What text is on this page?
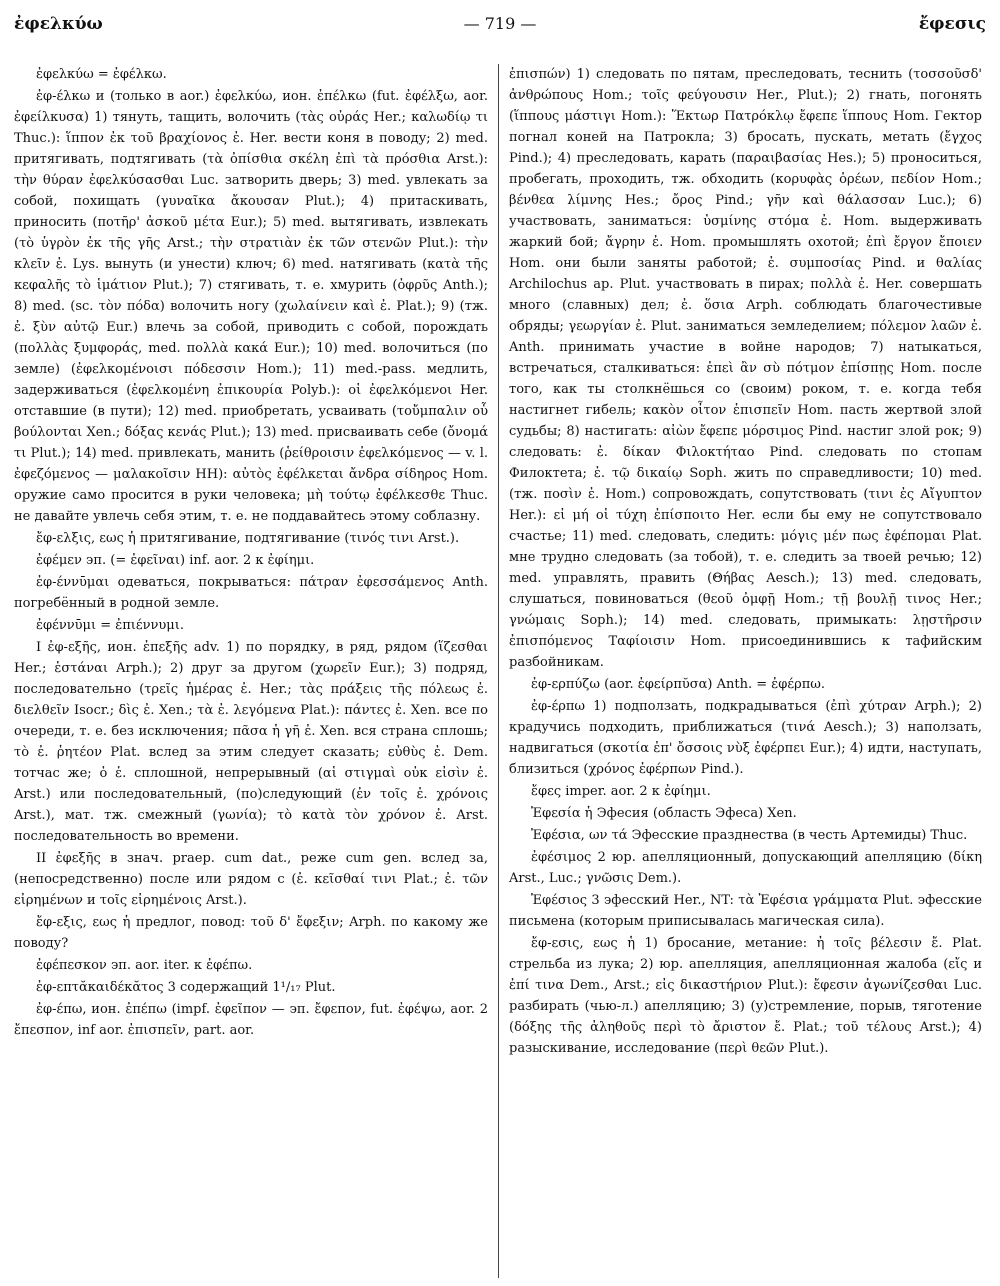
ἐφελκύω	— 719 —	ἔφεσις

ἐφελκύω = ἐφέλκω.

ἐφ-έλκω и (только в aor.) ἐφελκύω, ион. ἐπέλκω (fut. ἐφέλξω, aor. ἐφείλκυσα) 1) тянуть, тащить, волочить (τὰς οὐράς Her.; καλωδίῳ τι Thuc.): ἵππον ἐκ τοῦ βραχίονος ἐ. Her. вести коня в поводу; 2) med. притягивать, подтягивать (τὰ ὀπίσθια σκέλη ἐπὶ τὰ πρόσθια Arst.): τὴν θύραν ἐφελκύσασθαι Luc. затворить дверь; 3) med. увлекать за собой, похищать (γυναῖκα ἄκουσαν Plut.); 4) притаскивать, приносить (ποτῆρ' ἀσκοῦ μέτα Eur.); 5) med. вытягивать, извлекать (τὸ ὑγρὸν ἐκ τῆς γῆς Arst.; τὴν στρατιὰν ἐκ τῶν στενῶν Plut.): τὴν κλεῖν ἐ. Lys. вынуть (и унести) ключ; 6) med. натягивать (κατὰ τῆς κεφαλῆς τὸ ἱμάτιον Plut.); 7) стягивать, т. е. хмурить (ὀφρῦς Anth.); 8) med. (sc. τὸν πόδα) волочить ногу (χωλαίνειν καὶ ἐ. Plat.); 9) (тж. ἐ. ξὺν αὐτῷ Eur.) влечь за собой, приводить с собой, порождать (πολλὰς ξυμφοράς, med. πολλὰ κακά Eur.); 10) med. волочиться (по земле) (ἐφελκομένοισι πόδεσσιν Hom.); 11) med.-pass. медлить, задерживаться (ἐφελκομένη ἐπικουρία Polyb.): οἱ ἐφελκόμενοι Her. отставшие (в пути); 12) med. приобретать, усваивать (τοὔμπαλιν οὗ βούλονται Xen.; δόξας κενάς Plut.); 13) med. присваивать себе (ὄνομά τι Plut.); 14) med. привлекать, манить (ῥείθροισιν ἐφελκόμενος — v. l. ἐφεζόμενος — μαλακοῖσιν HH): αὐτὸς ἐφέλκεται ἄνδρα σίδηρος Hom. оружие само просится в руки человека; μὴ τούτῳ ἐφέλκεσθε Thuc. не давайте увлечь себя этим, т. е. не поддавайтесь этому соблазну.

ἔφ-ελξις, εως ἡ притягивание, подтягивание (τινός τινι Arst.).

ἐφέμεν эп. (= ἐφεῖναι) inf. aor. 2 к ἐφίημι.

ἐφ-έννῡμαι одеваться, покрываться: πάτραν ἐφεσσάμενος Anth. погребённый в родной земле.

ἐφέννῡμι = ἐπιέννυμι.

I ἐφ-εξῆς, ион. ἐπεξῆς adv. 1) по порядку, в ряд, рядом (ἵζεσθαι Her.; ἑστάναι Arph.); 2) друг за другом (χωρεῖν Eur.); 3) подряд, последовательно (τρεῖς ἡμέρας ἐ. Her.; τὰς πράξεις τῆς πόλεως ἐ. διελθεῖν Isocr.; δὶς ἐ. Xen.; τὰ ἐ. λεγόμενα Plat.): πάντες ἐ. Xen. все по очереди, т. е. без исключения; πᾶσα ἡ γῆ ἐ. Xen. вся страна сплошь; τὸ ἐ. ῥητέον Plat. вслед за этим следует сказать; εὐθὺς ἐ. Dem. тотчас же; ὁ ἐ. сплошной, непрерывный (αἱ στιγμαὶ οὐκ εἰσὶν ἐ. Arst.) или последовательный, (по)следующий (ἐν τοῖς ἐ. χρόνοις Arst.), мат. тж. смежный (γωνία); τὸ κατὰ τὸν χρόνον ἐ. Arst. последовательность во времени.

II ἐφεξῆς в знач. praep. cum dat., реже cum gen. вслед за, (непосредственно) после или рядом с (ἐ. κεῖσθαί τινι Plat.; ἐ. τῶν εἰρημένων и τοῖς εἰρημένοις Arst.).

ἔφ-εξις, εως ἡ предлог, повод: τοῦ δ' ἔφεξιν; Arph. по какому же поводу?

ἐφέπεσκον эп. aor. iter. к ἐφέπω.

ἐφ-επτᾰκαιδέκᾰτος 3 содержащий 1¹/₁₇ Plut.

ἐφ-έπω, ион. ἐπέπω (impf. ἐφεῖπον — эп. ἔφεπον, fut. ἐφέψω, aor. 2 ἔπεσπον, inf aor. ἐπισπεῖν, part. aor.

ἐπισπών) 1) следовать по пятам, преследовать, теснить (τοσσοῦσδ' ἀνθρώπους Hom.; τοῖς φεύγουσιν Her., Plut.); 2) гнать, погонять (ἵππους μάστιγι Hom.): Ἕκτωρ Πατρόκλῳ ἔφεπε ἵππους Hom. Гектор погнал коней на Патрокла; 3) бросать, пускать, метать (ἔγχος Pind.); 4) преследовать, карать (παραιβασίας Hes.); 5) проноситься, пробегать, проходить, тж. обходить (κορυφὰς ὀρέων, πεδίον Hom.; βένθεα λίμνης Hes.; ὄρος Pind.; γῆν καὶ θάλασσαν Luc.); 6) участвовать, заниматься: ὑσμίνης στόμα ἐ. Hom. выдерживать жаркий бой; ἄγρην ἐ. Hom. промышлять охотой; ἐπὶ ἔργον ἔποιεν Hom. они были заняты работой; ἐ. συμποσίας Pind. и θαλίας Archilochus ap. Plut. участвовать в пирах; πολλὰ ἐ. Her. совершать много (славных) дел; ἐ. ὅσια Arph. соблюдать благочестивые обряды; γεωργίαν ἐ. Plut. заниматься земледелием; πόλεμον λαῶν ἐ. Anth. принимать участие в войне народов; 7) натыкаться, встречаться, сталкиваться: ἐπεὶ ἂν σὺ πότμον ἐπίσπῃς Hom. после того, как ты столкнёшься со (своим) роком, т. е. когда тебя настигнет гибель; κακὸν οἶτον ἐπισπεῖν Hom. пасть жертвой злой судьбы; 8) настигать: αἰὼν ἔφεπε μόρσιμος Pind. настиг злой рок; 9) следовать: ἐ. δίκαν Φιλοκτήταο Pind. следовать по стопам Филоктета; ἐ. τῷ δικαίῳ Soph. жить по справедливости; 10) med. (тж. ποσὶν ἐ. Hom.) сопровождать, сопутствовать (τινι ἐς Αἴγυπτον Her.): εἰ μή οἱ τύχη ἐπίσποιτο Her. если бы ему не сопутствовало счастье; 11) med. следовать, следить: μόγις μέν πως ἐφέπομαι Plat. мне трудно следовать (за тобой), т. е. следить за твоей речью; 12) med. управлять, править (Θήβας Aesch.); 13) med. следовать, слушаться, повиноваться (θεοῦ ὀμφῇ Hom.; τῇ βουλῇ τινος Her.; γνώμαις Soph.); 14) med. следовать, примыкать: λῃστῆρσιν ἐπισπόμενος Ταφίοισιν Hom. присоединившись к тафийским разбойникам.

ἐφ-ερπύζω (aor. ἐφείρπῠσα) Anth. = ἐφέρπω.

ἐφ-έρπω 1) подползать, подкрадываться (ἐπὶ χύτραν Arph.); 2) крадучись подходить, приближаться (τινά Aesch.); 3) наползать, надвигаться (σκοτία ἐπ' ὄσσοις νὺξ ἐφέρπει Eur.); 4) идти, наступать, близиться (χρόνος ἐφέρπων Pind.).

ἔφες imper. aor. 2 к ἐφίημι.

Ἐφεσία ἡ Эфесия (область Эфеса) Xen.

Ἐφέσια, ων τά Эфесские празднества (в честь Артемиды) Thuc.

ἐφέσιμος 2 юр. апелляционный, допускающий апелляцию (δίκη Arst., Luc.; γνῶσις Dem.).

Ἐφέσιος 3 эфесский Her., NT: τὰ Ἐφέσια γράμματα Plut. эфесские письмена (которым приписывалась магическая сила).

ἔφ-εσις, εως ἡ 1) бросание, метание: ἡ τοῖς βέλεσιν ἔ. Plat. стрельба из лука; 2) юр. апелляция, апелляционная жалоба (εἴς и ἐπί τινα Dem., Arst.; εἰς δικαστήριον Plut.): ἔφεσιν ἀγωνίζεσθαι Luc. разбирать (чью-л.) апелляцию; 3) (у)стремление, порыв, тяготение (δόξης τῆς ἀληθοῦς περὶ τὸ ἄριστον ἔ. Plat.; τοῦ τέλους Arst.); 4) разыскивание, исследование (περὶ θεῶν Plut.).
